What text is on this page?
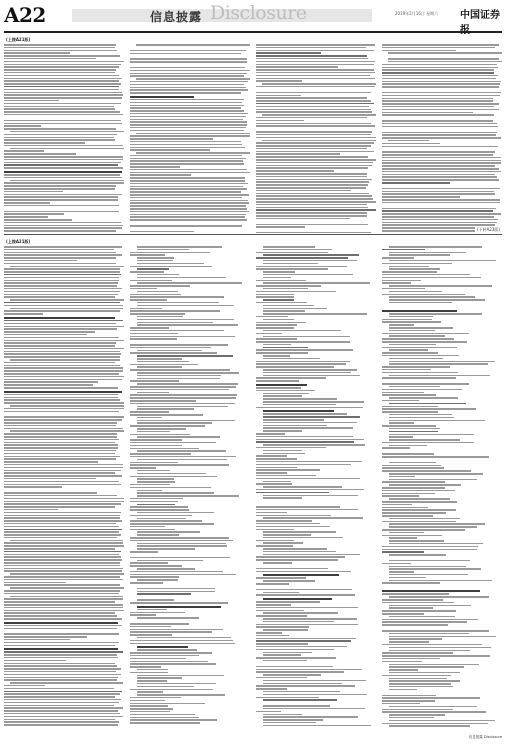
A22	信息披露 Disclosure	2019年2月16日 星期六 中国证券
(上接A21版)
(下转A23版)
(上接A21版)
信息披露 Disclosure
